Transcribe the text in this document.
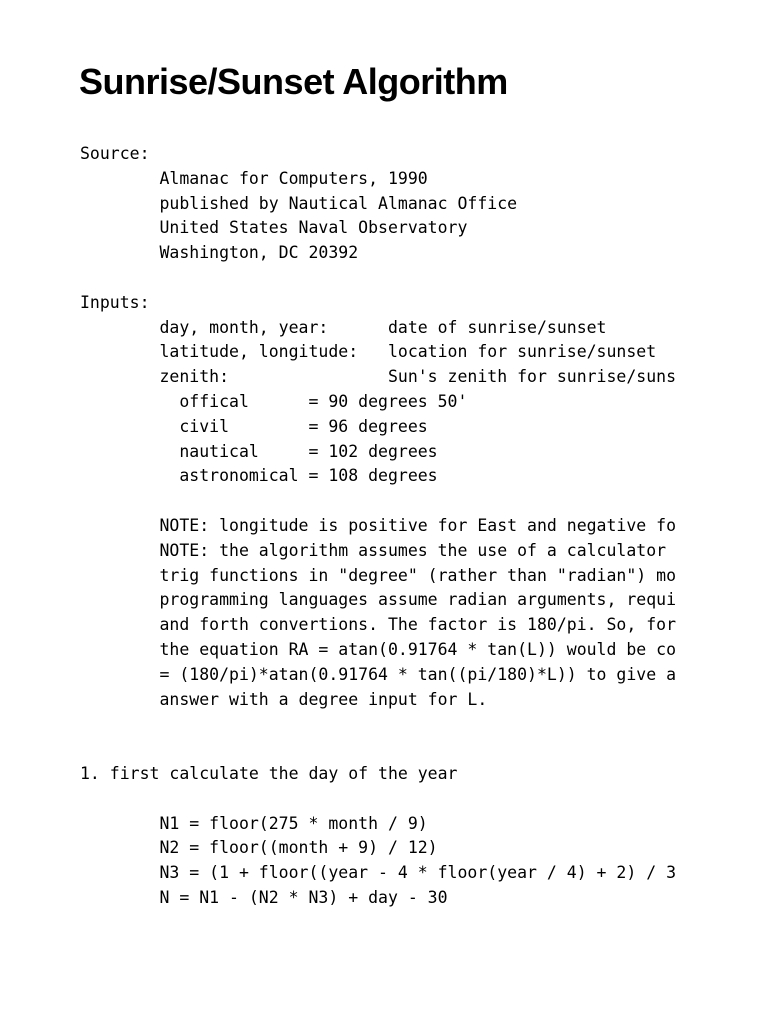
Sunrise/Sunset Algorithm
Source:
Almanac for Computers, 1990
published by Nautical Almanac Office
United States Naval Observatory
Washington, DC 20392
Inputs:
day, month, year:      date of sunrise/sunset
latitude, longitude:   location for sunrise/sunset
zenith:                Sun's zenith for sunrise/suns
offical      = 90 degrees 50'
civil        = 96 degrees
nautical     = 102 degrees
astronomical = 108 degrees
NOTE: longitude is positive for East and negative fo
NOTE: the algorithm assumes the use of a calculator
trig functions in "degree" (rather than "radian") mo
programming languages assume radian arguments, requi
and forth convertions. The factor is 180/pi. So, for
the equation RA = atan(0.91764 * tan(L)) would be co
= (180/pi)*atan(0.91764 * tan((pi/180)*L)) to give a
answer with a degree input for L.
1. first calculate the day of the year
N1 = floor(275 * month / 9)
N2 = floor((month + 9) / 12)
N3 = (1 + floor((year - 4 * floor(year / 4) + 2) / 3
N = N1 - (N2 * N3) + day - 30
